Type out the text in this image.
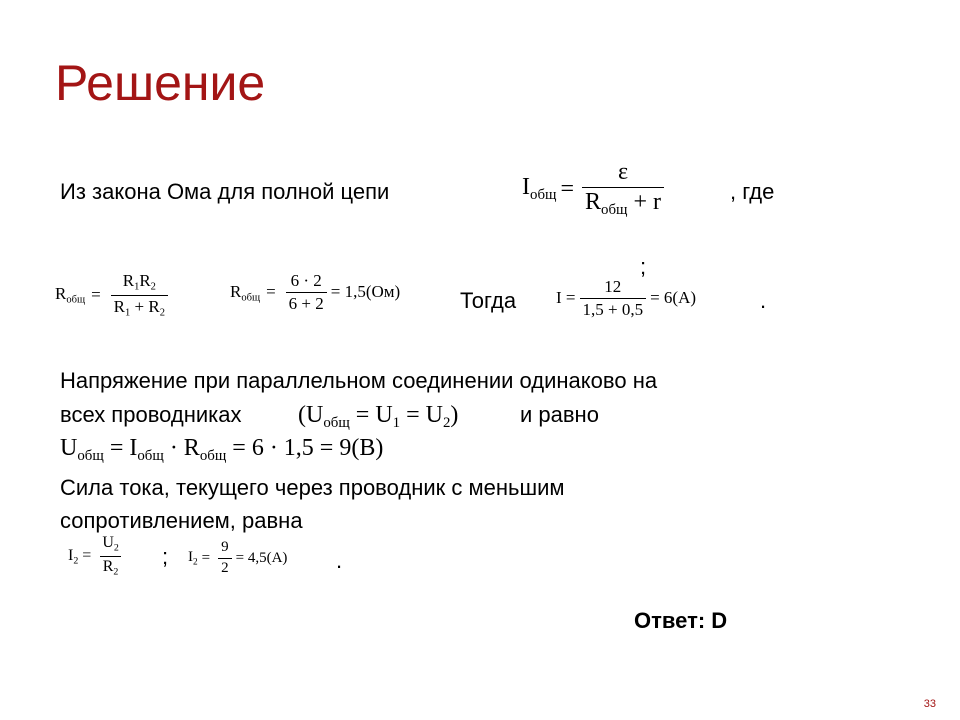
Решение
Из закона Ома для полной цепи	$I_{общ} = \frac{\varepsilon}{R_{общ} + r}$	, где
;
$R_{общ} = \frac{R_1R_2}{R_1 + R_2}$	$R_{общ} = \frac{6 \cdot 2}{6 + 2} = 1,5(Ом)$	Тогда $I = \frac{12}{1,5 + 0,5} = 6(А)$	.
Напряжение при параллельном соединении одинаково на
всех проводниках $(U_{общ} = U_1 = U_2)$	и равно
$U_{общ} = I_{общ} \cdot R_{общ} = 6 \cdot 1,5 = 9(В)$
Сила тока, текущего через проводник с меньшим
сопротивлением, равна
$I_2 = \frac{U_2}{R_2}$ ; $I_2 = \frac{9}{2} = 4,5(А)$ .
Ответ: D
33
